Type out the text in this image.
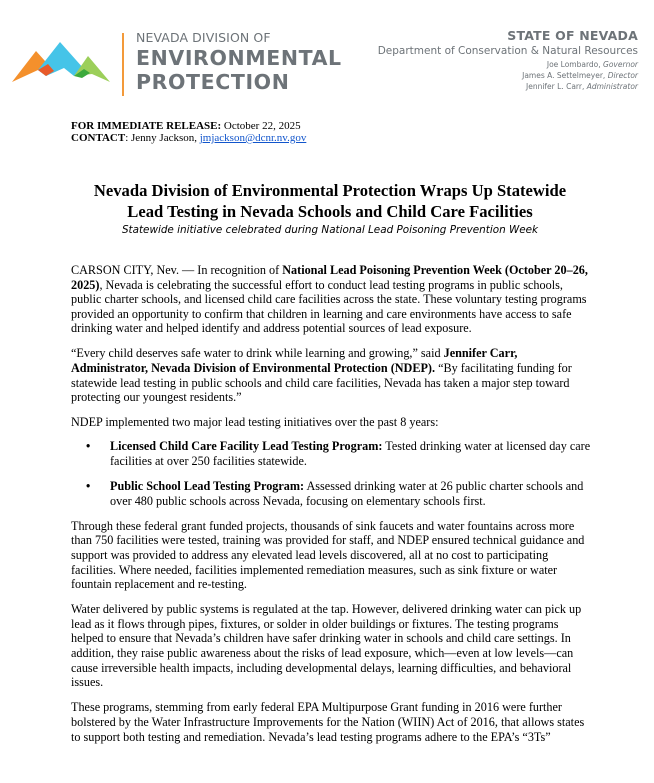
NEVADA DIVISION OF
ENVIRONMENTAL
PROTECTION
STATE OF NEVADA
Department of Conservation & Natural Resources
Joe Lombardo, Governor
James A. Settelmeyer, Director
Jennifer L. Carr, Administrator
FOR IMMEDIATE RELEASE: October 22, 2025
CONTACT: Jenny Jackson, jmjackson@dcnr.nv.gov
Nevada Division of Environmental Protection Wraps Up Statewide
Lead Testing in Nevada Schools and Child Care Facilities
Statewide initiative celebrated during National Lead Poisoning Prevention Week

CARSON CITY, Nev. — In recognition of National Lead Poisoning Prevention Week (October 20–26, 2025), Nevada is celebrating the successful effort to conduct lead testing programs in public schools, public charter schools, and licensed child care facilities across the state. These voluntary testing programs provided an opportunity to confirm that children in learning and care environments have access to safe drinking water and helped identify and address potential sources of lead exposure.

“Every child deserves safe water to drink while learning and growing,” said Jennifer Carr, Administrator, Nevada Division of Environmental Protection (NDEP). “By facilitating funding for statewide lead testing in public schools and child care facilities, Nevada has taken a major step toward protecting our youngest residents.”

NDEP implemented two major lead testing initiatives over the past 8 years:

• Licensed Child Care Facility Lead Testing Program: Tested drinking water at licensed day care facilities at over 250 facilities statewide.
• Public School Lead Testing Program: Assessed drinking water at 26 public charter schools and over 480 public schools across Nevada, focusing on elementary schools first.

Through these federal grant funded projects, thousands of sink faucets and water fountains across more than 750 facilities were tested, training was provided for staff, and NDEP ensured technical guidance and support was provided to address any elevated lead levels discovered, all at no cost to participating facilities. Where needed, facilities implemented remediation measures, such as sink fixture or water fountain replacement and re-testing.

Water delivered by public systems is regulated at the tap. However, delivered drinking water can pick up lead as it flows through pipes, fixtures, or solder in older buildings or fixtures. The testing programs helped to ensure that Nevada’s children have safer drinking water in schools and child care settings. In addition, they raise public awareness about the risks of lead exposure, which—even at low levels—can cause irreversible health impacts, including developmental delays, learning difficulties, and behavioral issues.

These programs, stemming from early federal EPA Multipurpose Grant funding in 2016 were further bolstered by the Water Infrastructure Improvements for the Nation (WIIN) Act of 2016, that allows states to support both testing and remediation. Nevada’s lead testing programs adhere to the EPA’s “3Ts”
